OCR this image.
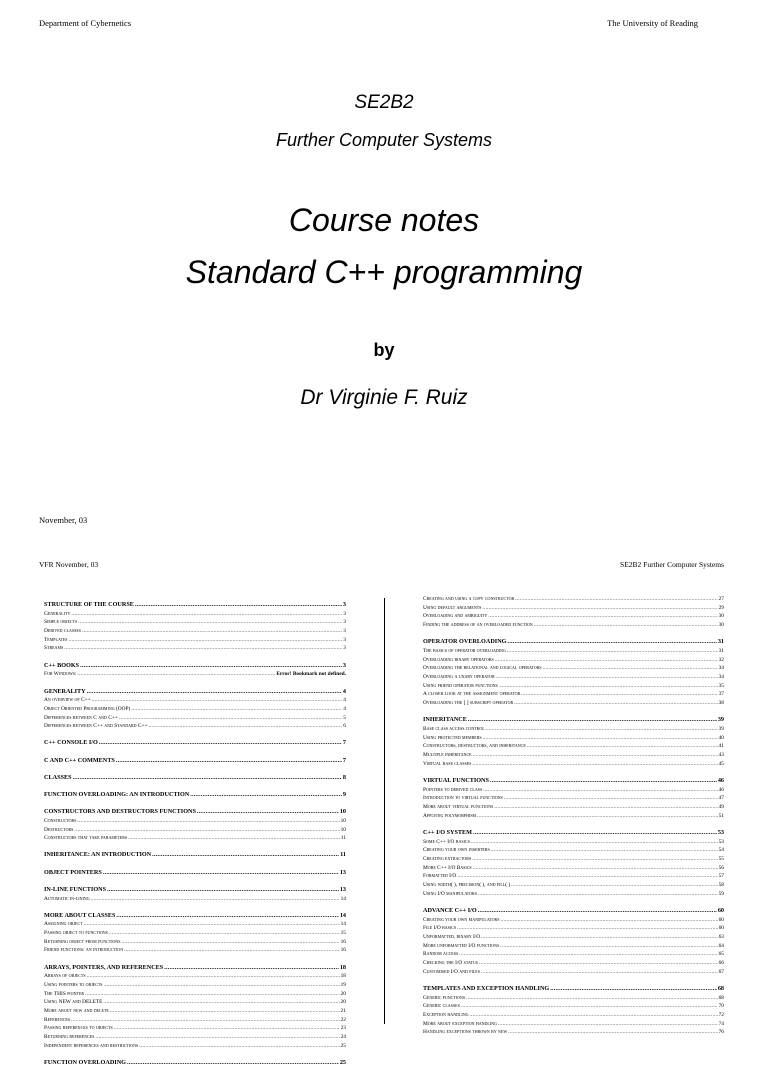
Department of Cybernetics	The University of Reading
SE2B2
Further Computer Systems
Course notes
Standard C++ programming
by
Dr Virginie F. Ruiz
November, 03
VFR November, 03	SE2B2 Further Computer Systems
STRUCTURE OF THE COURSE .....	3
Generality .....	3
Simple objects .....	3
Derived classes .....	3
Templates .....	3
Streams .....	3
C++ BOOKS .....	3
For Windows: .....	Error! Bookmark not defined.
GENERALITY .....	4
An overview of C++ .....	4
Object Oriented Programming (OOP) .....	4
Differences between C and C++ .....	5
Differences between C++ and Standard C++ .....	6
C++ CONSOLE I/O .....	7
C AND C++ COMMENTS .....	7
CLASSES .....	8
FUNCTION OVERLOADING: AN INTRODUCTION .....	9
CONSTRUCTORS AND DESTRUCTORS FUNCTIONS .....	10
Constructors .....	10
Destructors .....	10
Constructors that take parameters .....	11
INHERITANCE: AN INTRODUCTION .....	11
OBJECT POINTERS .....	13
IN-LINE FUNCTIONS .....	13
Automatic in-lining .....	14
MORE ABOUT CLASSES .....	14
Assigning object .....	14
Passing object to functions .....	15
Returning object from functions .....	16
Friend functions: an introduction .....	16
ARRAYS, POINTERS, AND REFERENCES .....	18
Arrays of objects .....	18
Using pointers to objects .....	19
The THIS pointer .....	20
Using NEW and DELETE .....	20
More about new and delete .....	21
References .....	22
Passing references to objects .....	23
Returning references .....	24
Independent references and restrictions .....	25
FUNCTION OVERLOADING .....	25
Creating and using a copy constructor .....	27
Using default arguments .....	29
Overloading and ambiguity .....	30
Finding the address of an overloaded function .....	30
OPERATOR OVERLOADING .....	31
The basics of operator overloading .....	31
Overloading binary operators .....	32
Overloading the relational and logical operators .....	34
Overloading a unary operator .....	34
Using friend operator functions .....	35
A closer look at the assignment operator .....	37
Overloading the [ ] subscript operator .....	38
INHERITANCE .....	39
Base class access control .....	39
Using protected members .....	40
Constructors, destructors, and inheritance .....	41
Multiple inheritance .....	43
Virtual base classes .....	45
VIRTUAL FUNCTIONS .....	46
Pointers to derived class .....	46
Introduction to virtual functions .....	47
More about virtual functions .....	49
Applying polymorphism .....	51
C++ I/O SYSTEM .....	53
Some C++ I/O basics .....	53
Creating your own inserters .....	54
Creating extractors .....	55
More C++ I/O Basics .....	56
Formatted I/O .....	57
Using width( ), precision( ), and fill( ) .....	58
Using I/O manipulators .....	59
ADVANCE C++ I/O .....	60
Creating your own manipulators .....	60
File I/O basics .....	60
Unformatted, binary I/O .....	63
More unformatted I/O functions .....	64
Random access .....	65
Checking the I/O status .....	66
Customised I/O and files .....	67
TEMPLATES AND EXCEPTION HANDLING .....	68
Generic functions .....	68
Generic classes .....	70
Exception handling .....	72
More about exception handling .....	74
Handling exceptions thrown by new .....	76
